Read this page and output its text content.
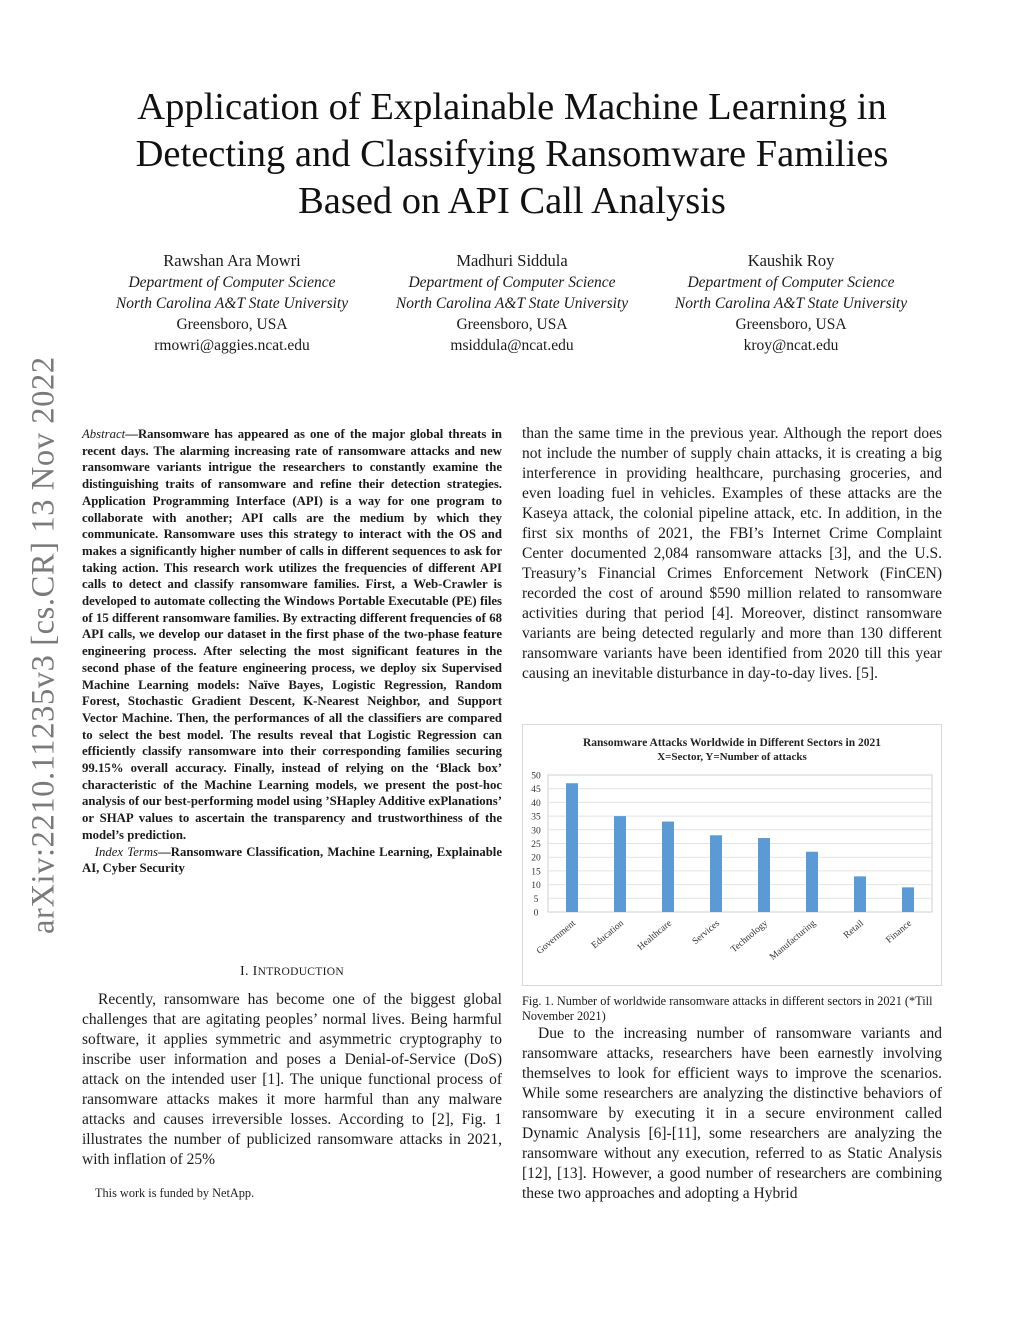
arXiv:2210.11235v3 [cs.CR] 13 Nov 2022
Application of Explainable Machine Learning in
Detecting and Classifying Ransomware Families
Based on API Call Analysis
Rawshan Ara Mowri
Department of Computer Science
North Carolina A&T State University
Greensboro, USA
rmowri@aggies.ncat.edu
Madhuri Siddula
Department of Computer Science
North Carolina A&T State University
Greensboro, USA
msiddula@ncat.edu
Kaushik Roy
Department of Computer Science
North Carolina A&T State University
Greensboro, USA
kroy@ncat.edu
Abstract—Ransomware has appeared as one of the major global threats in recent days. The alarming increasing rate of ransomware attacks and new ransomware variants intrigue the researchers to constantly examine the distinguishing traits of ransomware and refine their detection strategies. Application Programming Interface (API) is a way for one program to collaborate with another; API calls are the medium by which they communicate. Ransomware uses this strategy to interact with the OS and makes a significantly higher number of calls in different sequences to ask for taking action. This research work utilizes the frequencies of different API calls to detect and classify ransomware families. First, a Web-Crawler is developed to automate collecting the Windows Portable Executable (PE) files of 15 different ransomware families. By extracting different frequencies of 68 API calls, we develop our dataset in the first phase of the two-phase feature engineering process. After selecting the most significant features in the second phase of the feature engineering process, we deploy six Supervised Machine Learning models: Naïve Bayes, Logistic Regression, Random Forest, Stochastic Gradient Descent, K-Nearest Neighbor, and Support Vector Machine. Then, the performances of all the classifiers are compared to select the best model. The results reveal that Logistic Regression can efficiently classify ransomware into their corresponding families securing 99.15% overall accuracy. Finally, instead of relying on the ‘Black box’ characteristic of the Machine Learning models, we present the post-hoc analysis of our best-performing model using ’SHapley Additive exPlanations’ or SHAP values to ascertain the transparency and trustworthiness of the model’s prediction.
 Index Terms—Ransomware Classification, Machine Learning, Explainable AI, Cyber Security
I. INTRODUCTION

Recently, ransomware has become one of the biggest global challenges that are agitating peoples’ normal lives. Being harmful software, it applies symmetric and asymmetric cryptography to inscribe user information and poses a Denial-of-Service (DoS) attack on the intended user [1]. The unique functional process of ransomware attacks makes it more harmful than any malware attacks and causes irreversible losses. According to [2], Fig. 1 illustrates the number of publicized ransomware attacks in 2021, with inflation of 25%

This work is funded by NetApp.

than the same time in the previous year. Although the report does not include the number of supply chain attacks, it is creating a big interference in providing healthcare, purchasing groceries, and even loading fuel in vehicles. Examples of these attacks are the Kaseya attack, the colonial pipeline attack, etc. In addition, in the first six months of 2021, the FBI’s Internet Crime Complaint Center documented 2,084 ransomware attacks [3], and the U.S. Treasury’s Financial Crimes Enforcement Network (FinCEN) recorded the cost of around $590 million related to ransomware activities during that period [4]. Moreover, distinct ransomware variants are being detected regularly and more than 130 different ransomware variants have been identified from 2020 till this year causing an inevitable disturbance in day-to-day lives. [5].

Ransomware Attacks Worldwide in Different Sectors in 2021
X=Sector, Y=Number of attacks
0
5
10
15
20
25
30
35
40
45
50
Government Education Healthcare Services Technology
Manufacturing	Retail Finance
Fig. 1. Number of worldwide ransomware attacks in different sectors in 2021 (*Till November 2021)

Due to the increasing number of ransomware variants and ransomware attacks, researchers have been earnestly involving themselves to look for efficient ways to improve the scenarios. While some researchers are analyzing the distinctive behaviors of ransomware by executing it in a secure environment called Dynamic Analysis [6]-[11], some researchers are analyzing the ransomware without any execution, referred to as Static Analysis [12], [13]. However, a good number of researchers are combining these two approaches and adopting a Hybrid
